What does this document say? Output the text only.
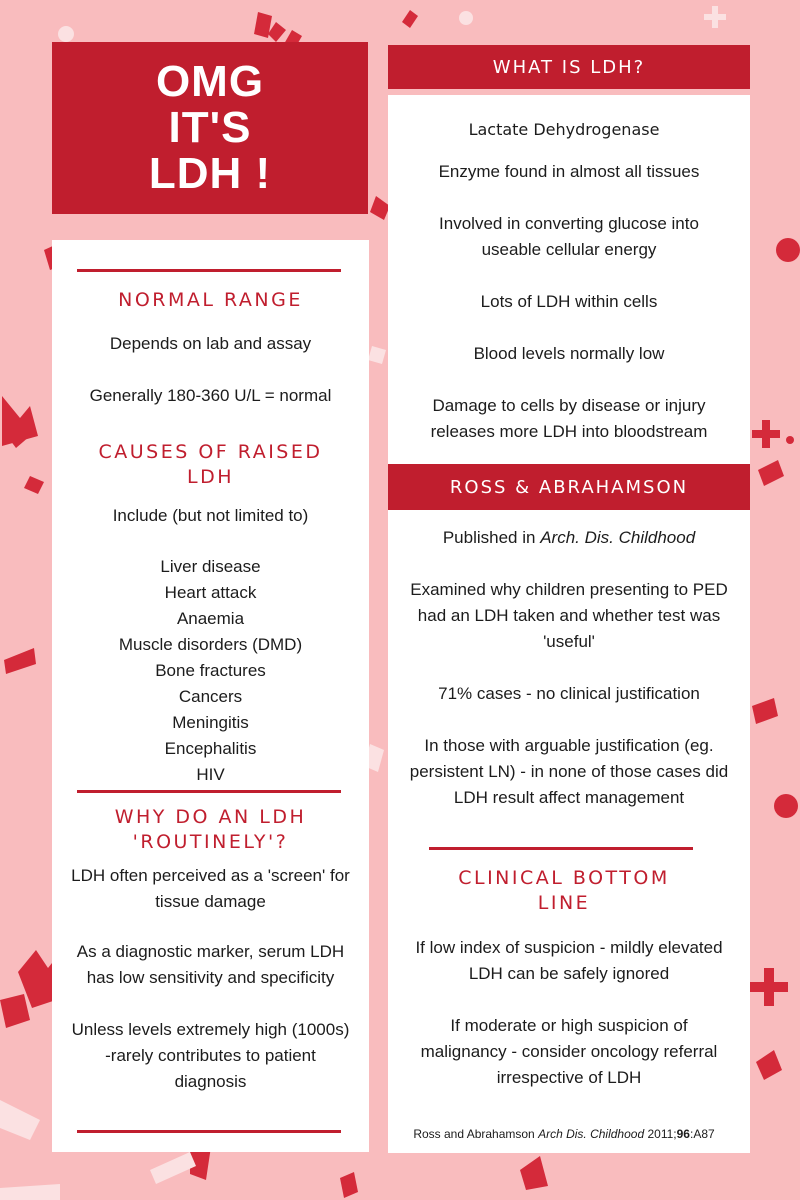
OMG
IT'S
LDH !
NORMAL RANGE
Depends on lab and assay
Generally 180-360 U/L = normal
CAUSES OF RAISED
LDH
Include (but not limited to)
Liver disease
Heart attack
Anaemia
Muscle disorders (DMD)
Bone fractures
Cancers
Meningitis
Encephalitis
HIV
WHY DO AN LDH
'ROUTINELY'?
LDH often perceived as a 'screen' for
tissue damage
As a diagnostic marker, serum LDH
has low sensitivity and specificity
Unless levels extremely high (1000s)
-rarely contributes to patient
diagnosis
Lactate Dehydrogenase
Enzyme found in almost all tissues
Involved in converting glucose into
useable cellular energy
Lots of LDH within cells
Blood levels normally low
Damage to cells by disease or injury
releases more LDH into bloodstream
Published in Arch. Dis. Childhood
Examined why children presenting to PED
had an LDH taken and whether test was
'useful'
71% cases - no clinical justification
In those with arguable justification (eg.
persistent LN) - in none of those cases did
LDH result affect management
CLINICAL BOTTOM
LINE
If low index of suspicion - mildly elevated
LDH can be safely ignored
If moderate or high suspicion of
malignancy - consider oncology referral
irrespective of LDH
Ross and Abrahamson Arch Dis. Childhood 2011;96:A87
WHAT IS LDH?
ROSS & ABRAHAMSON
